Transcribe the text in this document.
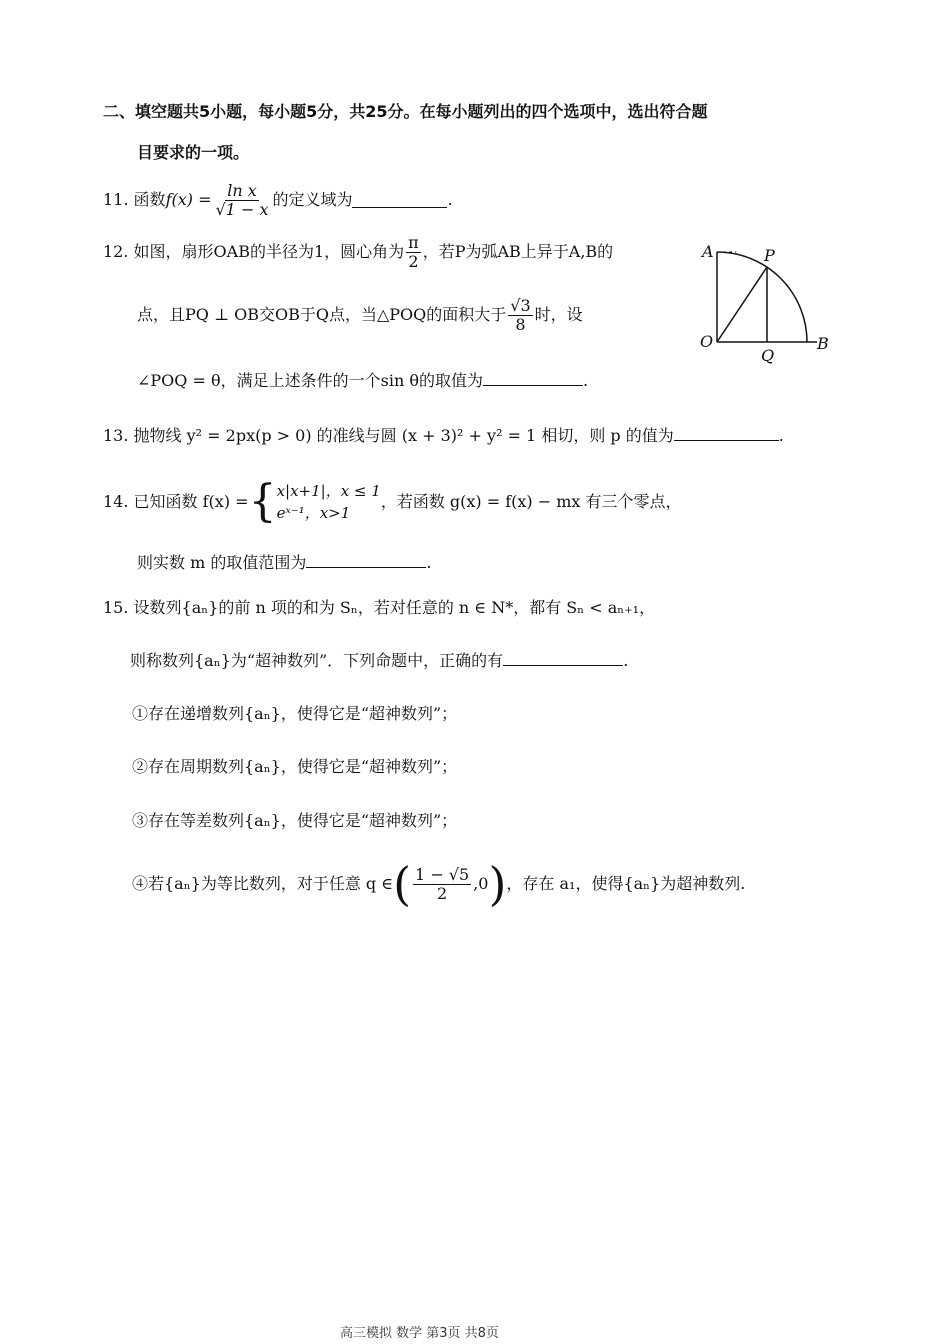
二、填空题共5小题，每小题5分，共25分。在每小题列出的四个选项中，选出符合题
目要求的一项。
11.
函数 $f(x) = \frac{\text{ln x}}{√1 - x}$ 的定义域为	.
12.
如图，扇形OAB的半径为1，圆心角为 $\frac{\pi}{2}$ ，若P为弧AB上异于A,B的
点，且PQ ⊥ OB交OB于Q点，当△POQ的面积大于 $\frac{√3}{8}$ 时，设
∠POQ = θ，满足上述条件的一个sin θ的取值为	.
A	P
O
Q
B
13. 抛物线 y² = 2px(p > 0) 的准线与圆 (x + 3)² + y² = 1 相切，则 p 的值为	.
14.
已知函数 f(x) = { x|x+1|，x ≤ 1
eˣ⁻¹，x>1
，若函数 g(x) = f(x) − mx 有三个零点，
则实数 m 的取值范围为	.
15. 设数列{aₙ}的前 n 项的和为 Sₙ，若对任意的 n ∈ N*，都有 Sₙ < aₙ₊₁，
则称数列{aₙ}为“超神数列”．下列命题中，正确的有	.
①存在递增数列{aₙ}，使得它是“超神数列”；
②存在周期数列{aₙ}，使得它是“超神数列”；
③存在等差数列{aₙ}，使得它是“超神数列”；
④若{aₙ}为等比数列，对于任意 q ∈ ( $\frac{1 - √5}{2} ,0$ ) ，存在 a₁，使得{aₙ}为超神数列.
高三模拟 数学 第3页 共8页
